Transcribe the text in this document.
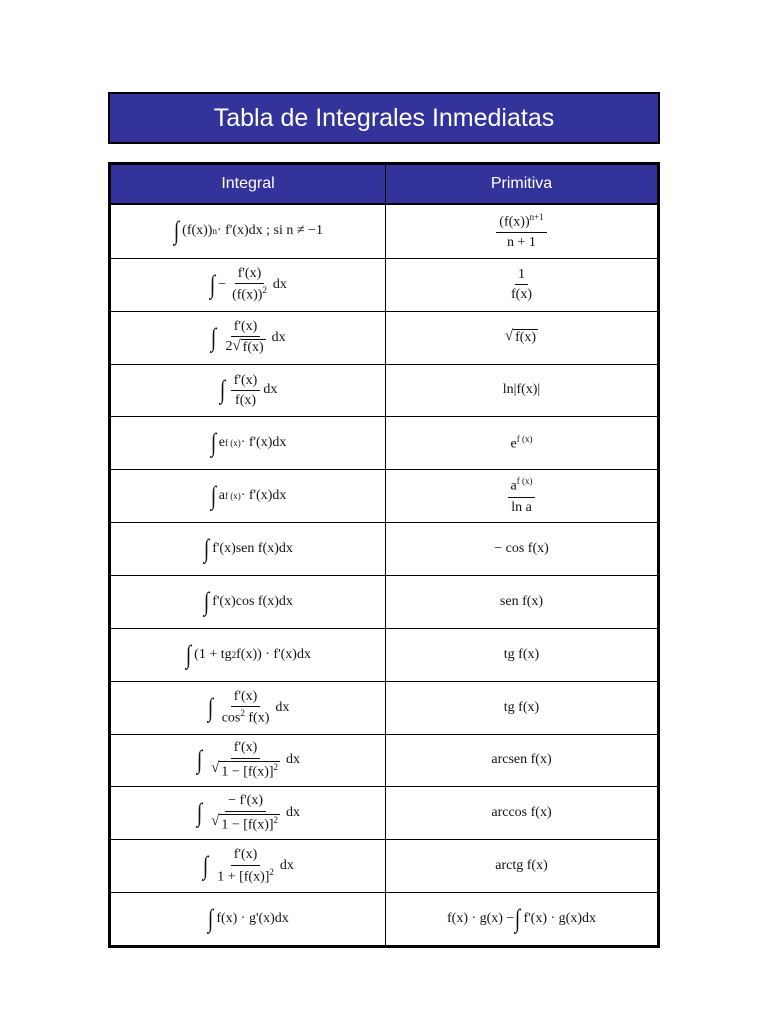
Tabla de Integrales Inmediatas
Integral	Primitiva
∫ (f(x)) n · f'(x)dx ; si n ≠ −1	$\frac{(f(x))^{n+1}}{n + 1}$
∫ − $\frac{f'(x)}{(f(x))^2}$ dx	$\frac{1}{f(x)}$
∫ $\frac{f'(x)}{2 √ f(x)}$ dx	√ f(x)
∫ $\frac{f'(x)}{f(x)}$ dx	ln|f(x)|
∫ e f (x) · f'(x)dx	$e^{f (x)}$
∫ a f (x) · f'(x)dx	$\frac{a^{f (x)}}{\text{ln a}}$
∫ f'(x)sen f(x)dx	− cos f(x)
∫ f'(x)cos f(x)dx	sen f(x)
∫ (1 + tg 2 f(x)) · f'(x)dx	tg f(x)
∫ $\frac{f'(x)}{\cos^2 f(x)}$ dx	tg f(x)
∫ $\frac{f'(x)}{√ 1 - [f(x)]^2}$ dx	arcsen f(x)
∫ $\frac{- f'(x)}{√ 1 - [f(x)]^2}$ dx	arccos f(x)
∫ $\frac{f'(x)}{1 + [f(x)]^2}$ dx	arctg f(x)
∫ f(x) · g'(x)dx	f(x) · g(x) − ∫ f'(x) · g(x)dx
